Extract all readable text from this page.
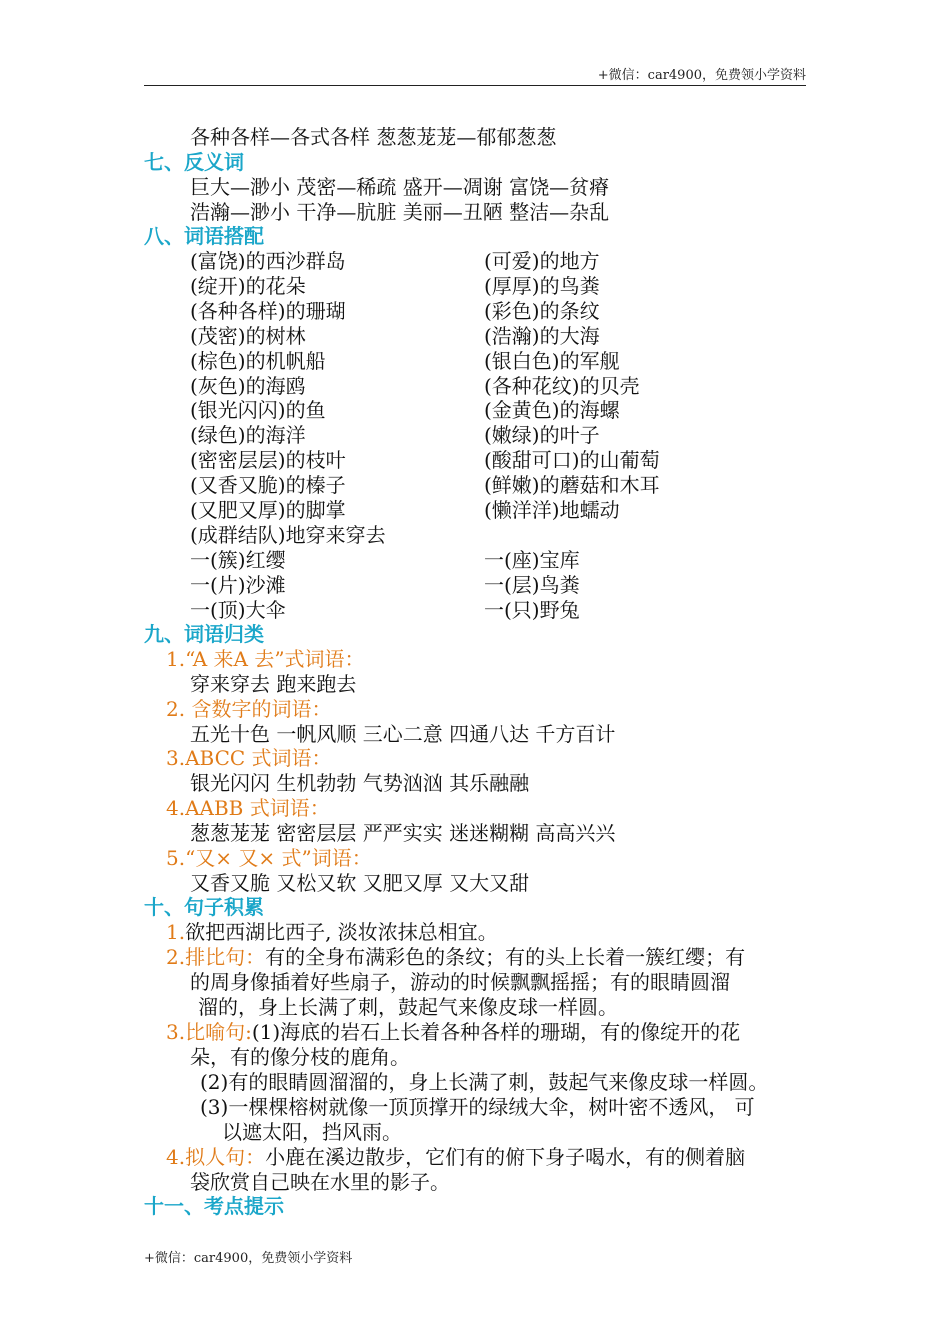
+微信：car4900，免费领小学资料
各种各样—各式各样 葱葱茏茏—郁郁葱葱
七、反义词
巨大—渺小 茂密—稀疏 盛开—凋谢 富饶—贫瘠
浩瀚—渺小 干净—肮脏 美丽—丑陋 整洁—杂乱
八、词语搭配
(富饶)的西沙群岛
(绽开)的花朵
(各种各样)的珊瑚
(茂密)的树林
(棕色)的机帆船
(灰色)的海鸥
(银光闪闪)的鱼
(绿色)的海洋
(密密层层)的枝叶
(又香又脆)的榛子
(又肥又厚)的脚掌
(成群结队)地穿来穿去
一(簇)红缨
一(片)沙滩
一(顶)大伞
(可爱)的地方
(厚厚)的鸟粪
(彩色)的条纹
(浩瀚)的大海
(银白色)的军舰
(各种花纹)的贝壳
(金黄色)的海螺
(嫩绿)的叶子
(酸甜可口)的山葡萄
(鲜嫩)的蘑菇和木耳
(懒洋洋)地蠕动
一(座)宝库
一(层)鸟粪
一(只)野兔
九、词语归类
1.“A 来A 去”式词语：
穿来穿去 跑来跑去
2. 含数字的词语：
五光十色 一帆风顺 三心二意 四通八达 千方百计
3.ABCC 式词语：
银光闪闪 生机勃勃 气势汹汹 其乐融融
4.AABB 式词语：
葱葱茏茏 密密层层 严严实实 迷迷糊糊 高高兴兴
5.“又× 又× 式”词语：
又香又脆 又松又软 又肥又厚 又大又甜
十、句子积累
1.欲把西湖比西子, 淡妆浓抹总相宜。
2.排比句：有的全身布满彩色的条纹；有的头上长着一簇红缨；有
的周身像插着好些扇子，游动的时候飘飘摇摇；有的眼睛圆溜
溜的，身上长满了刺，鼓起气来像皮球一样圆。
3.比喻句:(1)海底的岩石上长着各种各样的珊瑚，有的像绽开的花
朵，有的像分枝的鹿角。
(2)有的眼睛圆溜溜的，身上长满了刺，鼓起气来像皮球一样圆。
(3)一棵棵榕树就像一顶顶撑开的绿绒大伞，树叶密不透风， 可
以遮太阳，挡风雨。
4.拟人句：小鹿在溪边散步，它们有的俯下身子喝水，有的侧着脑
袋欣赏自己映在水里的影子。
十一、考点提示
+微信：car4900，免费领小学资料
